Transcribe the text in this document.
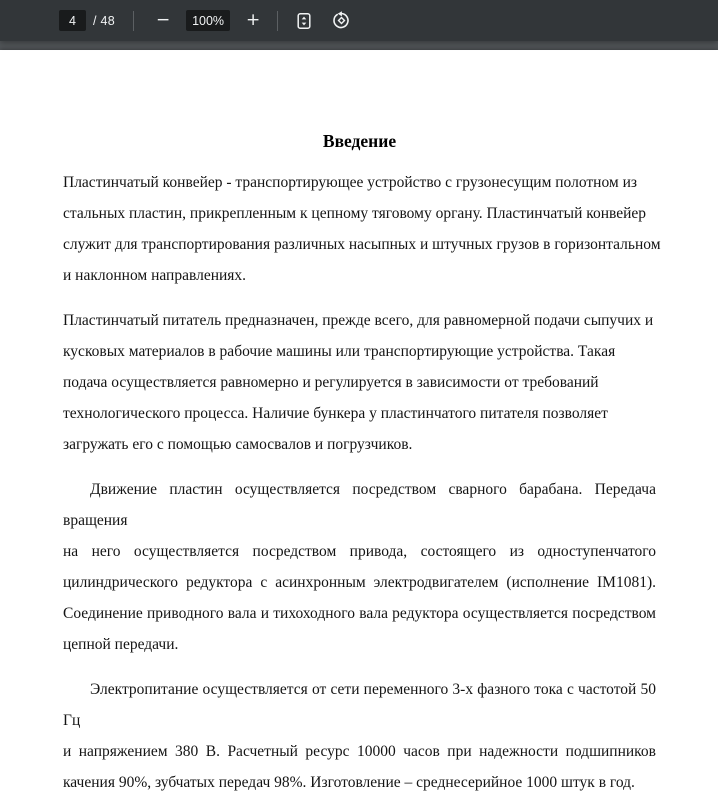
4
/ 48 −
100%	+
Введение
Пластинчатый конвейер - транспортирующее устройство с грузонесущим полотном из
стальных пластин, прикрепленным к цепному тяговому органу. Пластинчатый конвейер
служит для транспортирования различных насыпных и штучных грузов в горизонтальном
и наклонном направлениях.
Пластинчатый питатель предназначен, прежде всего, для равномерной подачи сыпучих и
кусковых материалов в рабочие машины или транспортирующие устройства. Такая
подача осуществляется равномерно и регулируется в зависимости от требований
технологического процесса. Наличие бункера у пластинчатого питателя позволяет
загружать его с помощью самосвалов и погрузчиков.
Движение пластин осуществляется посредством сварного барабана. Передача вращения
на него осуществляется посредством привода, состоящего из одноступенчатого
цилиндрического редуктора с асинхронным электродвигателем (исполнение IM1081).
Соединение приводного вала и тихоходного вала редуктора осуществляется посредством
цепной передачи.
Электропитание осуществляется от сети переменного 3-х фазного тока с частотой 50 Гц
и напряжением 380 В. Расчетный ресурс 10000 часов при надежности подшипников
качения 90%, зубчатых передач 98%. Изготовление – среднесерийное 1000 штук в год.
